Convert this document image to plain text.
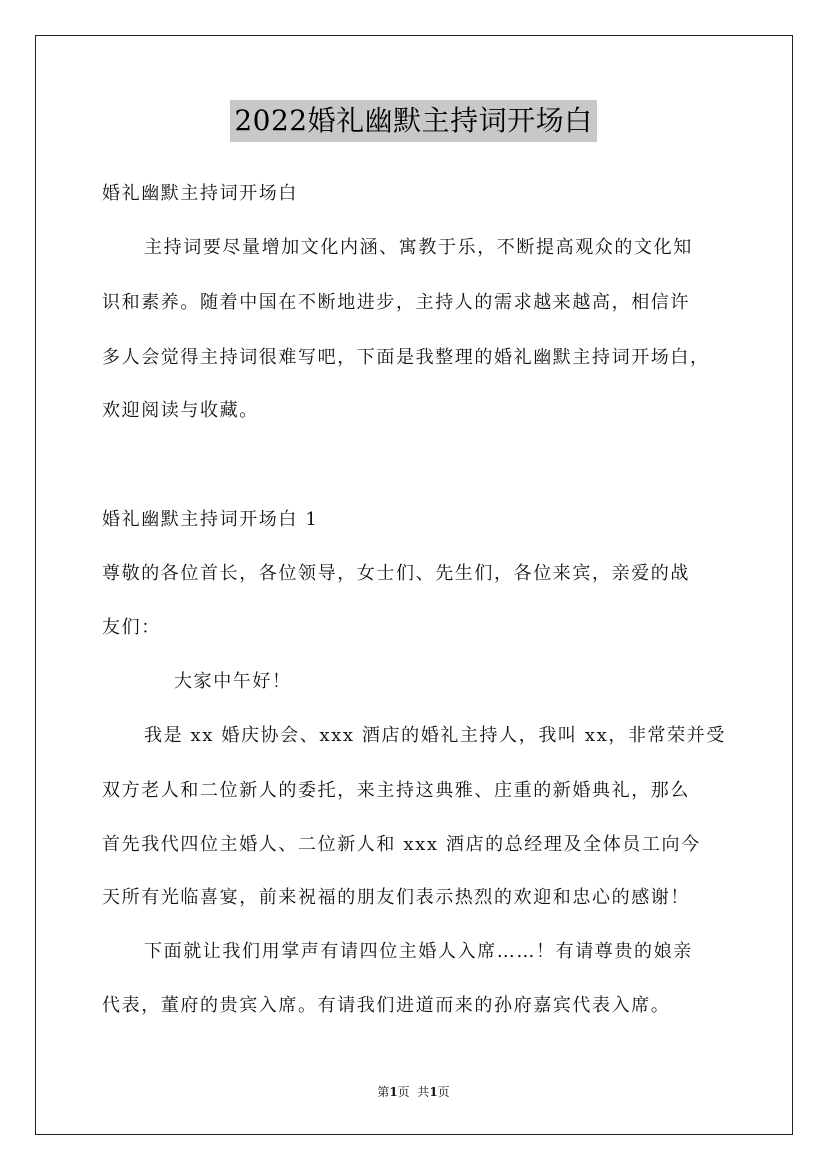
2022婚礼幽默主持词开场白
婚礼幽默主持词开场白
主持词要尽量增加文化内涵、寓教于乐，不断提高观众的文化知
识和素养。随着中国在不断地进步，主持人的需求越来越高，相信许
多人会觉得主持词很难写吧，下面是我整理的婚礼幽默主持词开场白，
欢迎阅读与收藏。
婚礼幽默主持词开场白 1
尊敬的各位首长，各位领导，女士们、先生们，各位来宾，亲爱的战
友们：
大家中午好！
我是 xx 婚庆协会、xxx 酒店的婚礼主持人，我叫 xx，非常荣并受
双方老人和二位新人的委托，来主持这典雅、庄重的新婚典礼，那么
首先我代四位主婚人、二位新人和 xxx 酒店的总经理及全体员工向今
天所有光临喜宴，前来祝福的朋友们表示热烈的欢迎和忠心的感谢！
下面就让我们用掌声有请四位主婚人入席……！有请尊贵的娘亲
代表，董府的贵宾入席。有请我们进道而来的孙府嘉宾代表入席。
第1页  共1页
